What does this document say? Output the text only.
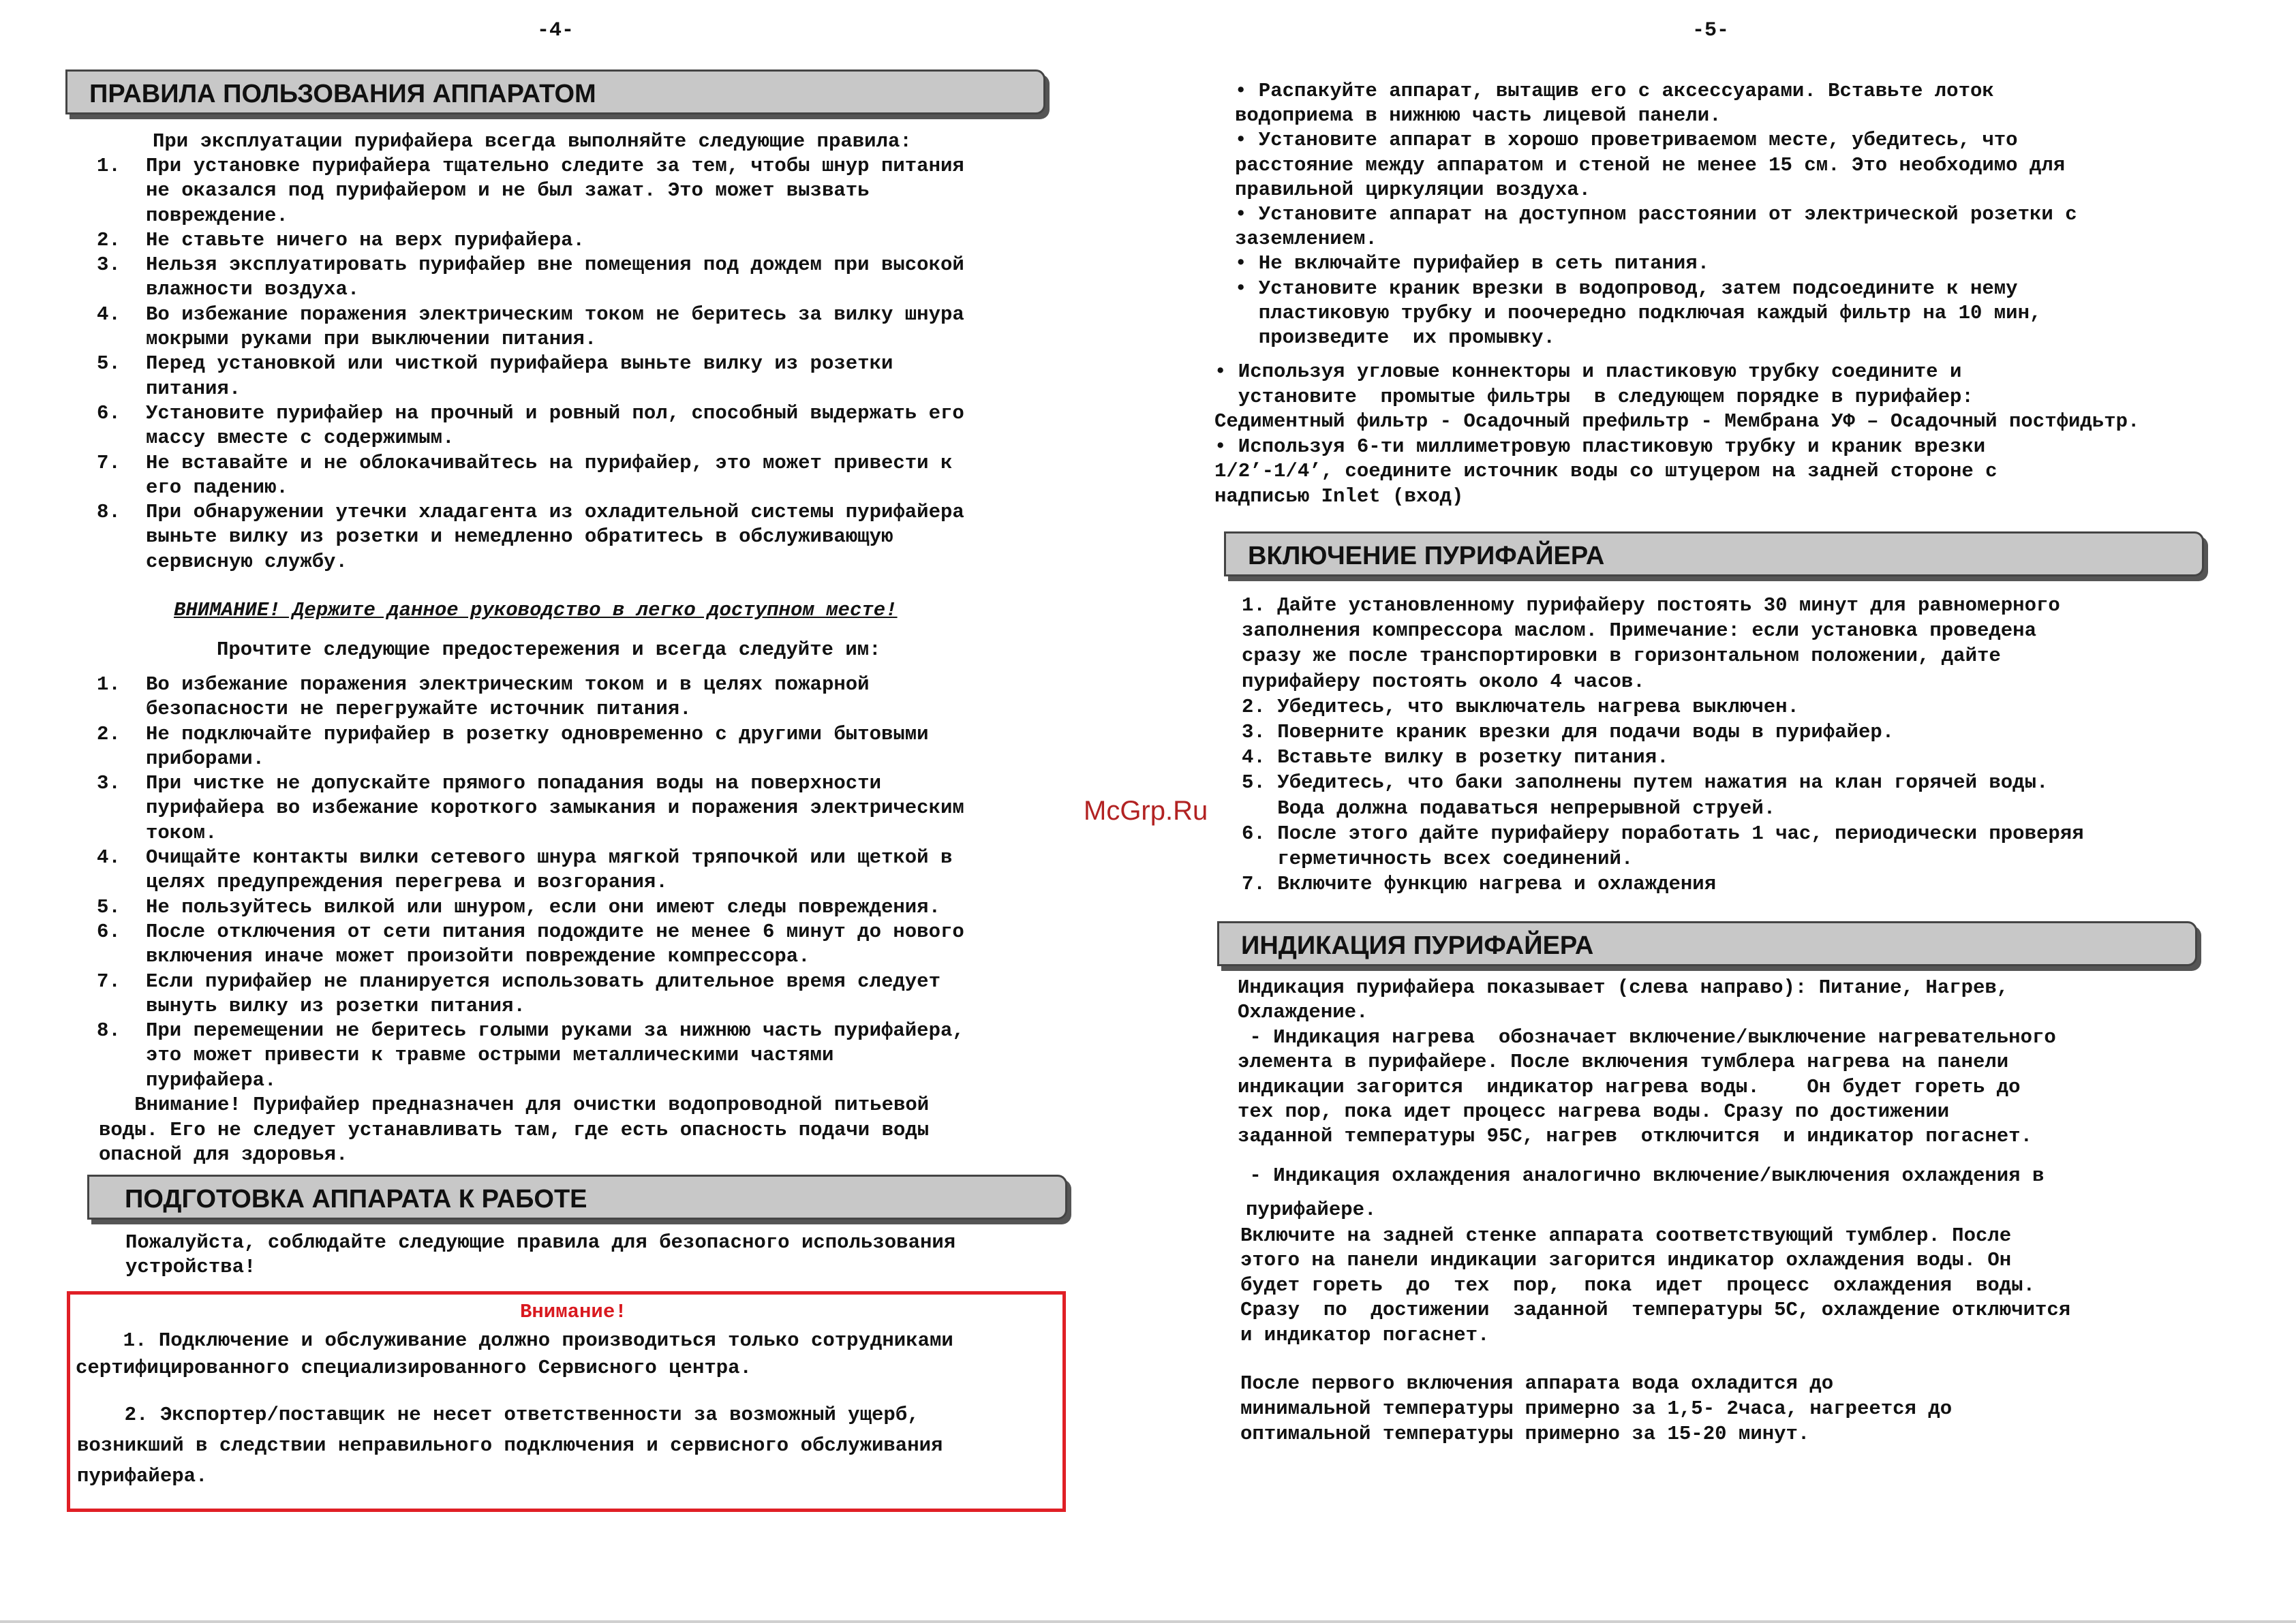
-4-	-5-
ПРАВИЛА ПОЛЬЗОВАНИЯ АППАРАТОМ
При эксплуатации пурифайера всегда выполняйте следующие правила:
1. При установке пурифайера тщательно следите за тем, чтобы шнур питания
не оказался под пурифайером и не был зажат. Это может вызвать
повреждение.
2. Не ставьте ничего на верх пурифайера.
3. Нельзя эксплуатировать пурифайер вне помещения под дождем при высокой
влажности воздуха.
4. Во избежание поражения электрическим током не беритесь за вилку шнура
мокрыми руками при выключении питания.
5. Перед установкой или чисткой пурифайера выньте вилку из розетки
питания.
6. Установите пурифайер на прочный и ровный пол, способный выдержать его
массу вместе с содержимым.
7. Не вставайте и не облокачивайтесь на пурифайер, это может привести к
его падению.
8. При обнаружении утечки хладагента из охладительной системы пурифайера
выньте вилку из розетки и немедленно обратитесь в обслуживающую
сервисную службу.
ВНИМАНИЕ! Держите данное руководство в легко доступном месте!
Прочтите следующие предостережения и всегда следуйте им:
1. Во избежание поражения электрическим током и в целях пожарной
безопасности не перегружайте источник питания.
2. Не подключайте пурифайер в розетку одновременно с другими бытовыми
приборами.
3. При чистке не допускайте прямого попадания воды на поверхности
пурифайера во избежание короткого замыкания и поражения электрическим
током.
4. Очищайте контакты вилки сетевого шнура мягкой тряпочкой или щеткой в
целях предупреждения перегрева и возгорания.
5. Не пользуйтесь вилкой или шнуром, если они имеют следы повреждения.
6. После отключения от сети питания подождите не менее 6 минут до нового
включения иначе может произойти повреждение компрессора.
7. Если пурифайер не планируется использовать длительное время следует
вынуть вилку из розетки питания.
8. При перемещении не беритесь голыми руками за нижнюю часть пурифайера,
это может привести к травме острыми металлическими частями
пурифайера.
Внимание! Пурифайер предназначен для очистки водопроводной питьевой
воды. Его не следует устанавливать там, где есть опасность подачи воды
опасной для здоровья.
ПОДГОТОВКА АППАРАТА К РАБОТЕ
Пожалуйста, соблюдайте следующие правила для безопасного использования
устройства!
Внимание!
1. Подключение и обслуживание должно производиться только сотрудниками
сертифицированного специализированного Сервисного центра.
2. Экспортер/поставщик не несет ответственности за возможный ущерб,
возникший в следствии неправильного подключения и сервисного обслуживания
пурифайера.
McGrp.Ru
• Распакуйте аппарат, вытащив его с аксессуарами. Вставьте лоток
водоприема в нижнюю часть лицевой панели.
• Установите аппарат в хорошо проветриваемом месте, убедитесь, что
расстояние между аппаратом и стеной не менее 15 см. Это необходимо для
правильной циркуляции воздуха.
• Установите аппарат на доступном расстоянии от электрической розетки с
заземлением.
• Не включайте пурифайер в сеть питания.
• Установите краник врезки в водопровод, затем подсоедините к нему
пластиковую трубку и поочередно подключая каждый фильтр на 10 мин,
произведите  их промывку.
• Используя угловые коннекторы и пластиковую трубку соедините и
установите  промытые фильтры  в следующем порядке в пурифайер:
Седиментный фильтр - Осадочный префильтр - Мембрана УФ – Осадочный постфидьтр.
• Используя 6-ти миллиметровую пластиковую трубку и краник врезки
1/2’-1/4’, соедините источник воды со штуцером на задней стороне с
надписью Inlet (вход)
ВКЛЮЧЕНИЕ ПУРИФАЙЕРА
1. Дайте установленному пурифайеру постоять 30 минут для равномерного
заполнения компрессора маслом. Примечание: если установка проведена
сразу же после транспортировки в горизонтальном положении, дайте
пурифайеру постоять около 4 часов.
2. Убедитесь, что выключатель нагрева выключен.
3. Поверните краник врезки для подачи воды в пурифайер.
4. Вставьте вилку в розетку питания.
5. Убедитесь, что баки заполнены путем нажатия на клан горячей воды.
Вода должна подаваться непрерывной струей.
6. После этого дайте пурифайеру поработать 1 час, периодически проверяя
герметичность всех соединений.
7. Включите функцию нагрева и охлаждения
ИНДИКАЦИЯ ПУРИФАЙЕРА
Индикация пурифайера показывает (слева направо): Питание, Нагрев,
Охлаждение.
- Индикация нагрева  обозначает включение/выключение нагревательного
элемента в пурифайере. После включения тумблера нагрева на панели
индикации загорится  индикатор нагрева воды.    Он будет гореть до
тех пор, пока идет процесс нагрева воды. Сразу по достижении
заданной температуры 95С, нагрев  отключится  и индикатор погаснет.
- Индикация охлаждения аналогично включение/выключения охлаждения в
пурифайере.
Включите на задней стенке аппарата соответствующий тумблер. После
этого на панели индикации загорится индикатор охлаждения воды. Он
будет гореть  до  тех  пор,  пока  идет  процесс  охлаждения  воды.
Сразу  по  достижении  заданной  температуры 5С, охлаждение отключится
и индикатор погаснет.
После первого включения аппарата вода охладится до
минимальной температуры примерно за 1,5- 2часа, нагреется до
оптимальной температуры примерно за 15-20 минут.
